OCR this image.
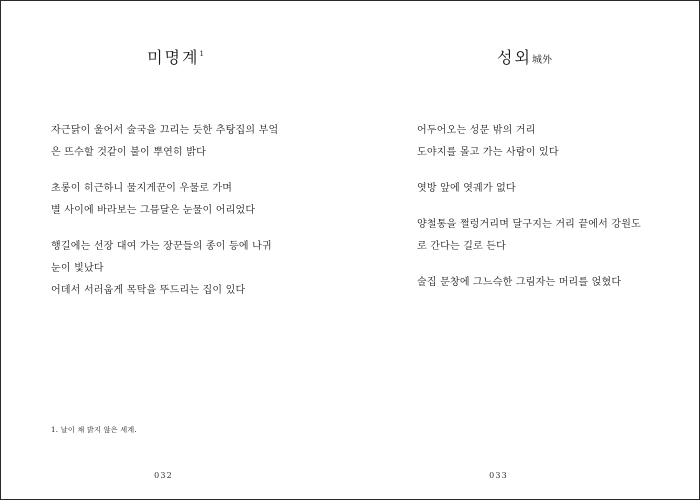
미명계$^1$

자근닭이 울어서 술국을 끄리는 듯한 추탕집의 부엌

은 뜨수할 것같이 불이 뿌연히 밝다

초롱이 히근하니 물지게꾼이 우물로 가며

별 사이에 바라보는 그믐달은 눈물이 어리었다

행길에는 선장 대여 가는 장꾼들의 종이 등에 나귀

눈이 빛났다

어데서 서러웁게 목탁을 뚜드리는 집이 있다

1. 날이 채 밝지 않은 세계.
032
성외城外

어두어오는 성문 밖의 거리

도야지를 몰고 가는 사람이 있다

엿방 앞에 엿궤가 없다

양철통을 쩔렁거리며 달구지는 거리 끝에서 강원도

로 간다는 길로 든다

술집 문창에 그느슥한 그림자는 머리를 얹혔다

033
